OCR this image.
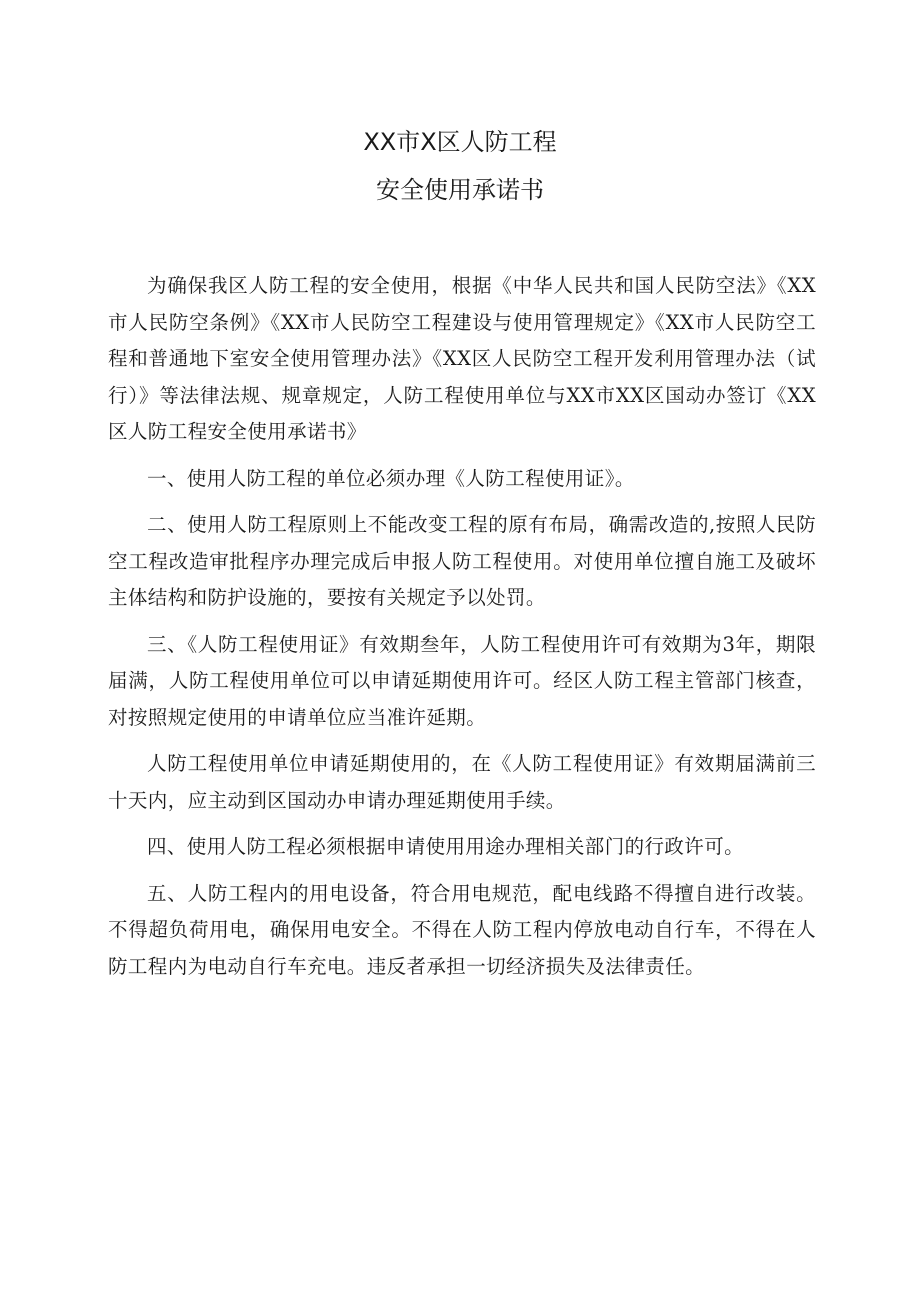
XX市X区人防工程
安全使用承诺书

为确保我区人防工程的安全使用，根据《中华人民共和国人民防空法》《XX市人民防空条例》《XX市人民防空工程建设与使用管理规定》《XX市人民防空工程和普通地下室安全使用管理办法》《XX区人民防空工程开发利用管理办法（试行）》等法律法规、规章规定，人防工程使用单位与XX市XX区国动办签订《XX区人防工程安全使用承诺书》

一、使用人防工程的单位必须办理《人防工程使用证》。

二、使用人防工程原则上不能改变工程的原有布局，确需改造的,按照人民防空工程改造审批程序办理完成后申报人防工程使用。对使用单位擅自施工及破坏主体结构和防护设施的，要按有关规定予以处罚。

三、《人防工程使用证》有效期叁年，人防工程使用许可有效期为3年，期限届满，人防工程使用单位可以申请延期使用许可。经区人防工程主管部门核查，对按照规定使用的申请单位应当准许延期。

人防工程使用单位申请延期使用的，在《人防工程使用证》有效期届满前三十天内，应主动到区国动办申请办理延期使用手续。

四、使用人防工程必须根据申请使用用途办理相关部门的行政许可。

五、人防工程内的用电设备，符合用电规范，配电线路不得擅自进行改装。不得超负荷用电，确保用电安全。不得在人防工程内停放电动自行车，不得在人防工程内为电动自行车充电。违反者承担一切经济损失及法律责任。
